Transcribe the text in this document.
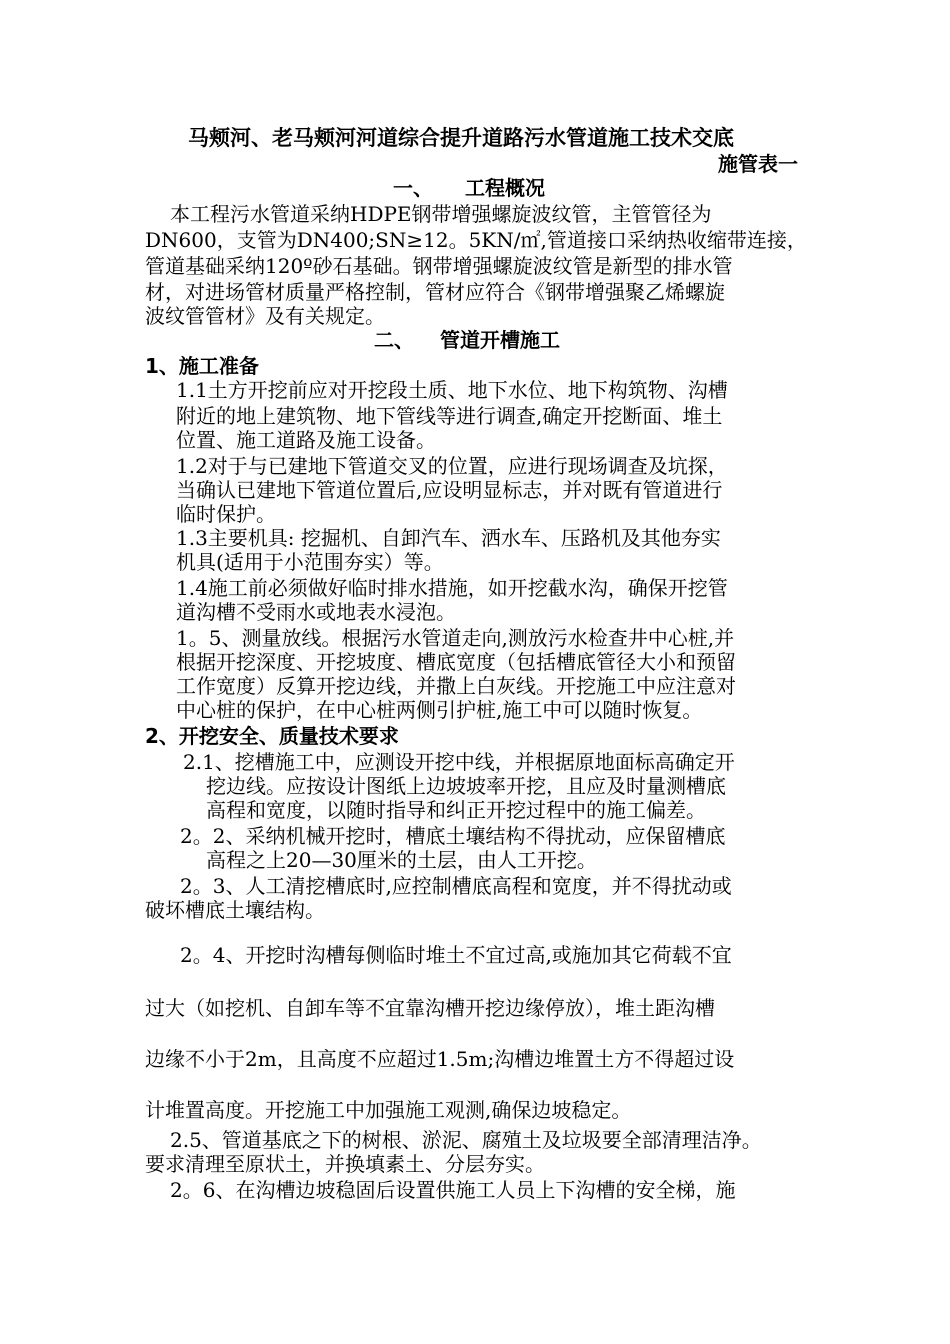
马颊河、老马颊河河道综合提升道路污水管道施工技术交底
施管表一
一、 工程概况
本工程污水管道采纳HDPE钢带增强螺旋波纹管，主管管径为
DN600，支管为DN400;SN≥12。5KN/㎡,管道接口采纳热收缩带连接，
管道基础采纳120º砂石基础。钢带增强螺旋波纹管是新型的排水管
材，对进场管材质量严格控制，管材应符合《钢带增强聚乙烯螺旋
波纹管管材》及有关规定。
二、 管道开槽施工
1、施工准备
1.1土方开挖前应对开挖段土质、地下水位、地下构筑物、沟槽
附近的地上建筑物、地下管线等进行调查,确定开挖断面、堆土
位置、施工道路及施工设备。
1.2对于与已建地下管道交叉的位置，应进行现场调查及坑探，
当确认已建地下管道位置后,应设明显标志，并对既有管道进行
临时保护。
1.3主要机具: 挖掘机、自卸汽车、洒水车、压路机及其他夯实
机具(适用于小范围夯实）等。
1.4施工前必须做好临时排水措施，如开挖截水沟，确保开挖管
道沟槽不受雨水或地表水浸泡。
1。5、测量放线。根据污水管道走向,测放污水检查井中心桩,并
根据开挖深度、开挖坡度、槽底宽度（包括槽底管径大小和预留
工作宽度）反算开挖边线，并撒上白灰线。开挖施工中应注意对
中心桩的保护，在中心桩两侧引护桩,施工中可以随时恢复。
2、开挖安全、质量技术要求
2.1、挖槽施工中，应测设开挖中线，并根据原地面标高确定开
挖边线。应按设计图纸上边坡坡率开挖，且应及时量测槽底
高程和宽度，以随时指导和纠正开挖过程中的施工偏差。
2。2、采纳机械开挖时，槽底土壤结构不得扰动，应保留槽底
高程之上20—30厘米的土层，由人工开挖。
2。3、人工清挖槽底时,应控制槽底高程和宽度，并不得扰动或
破坏槽底土壤结构。
2。4、开挖时沟槽每侧临时堆土不宜过高,或施加其它荷载不宜
过大（如挖机、自卸车等不宜靠沟槽开挖边缘停放），堆土距沟槽
边缘不小于2m，且高度不应超过1.5m;沟槽边堆置土方不得超过设
计堆置高度。开挖施工中加强施工观测,确保边坡稳定。
2.5、管道基底之下的树根、淤泥、腐殖土及垃圾要全部清理洁净。
要求清理至原状土，并换填素土、分层夯实。
2。6、在沟槽边坡稳固后设置供施工人员上下沟槽的安全梯，施
